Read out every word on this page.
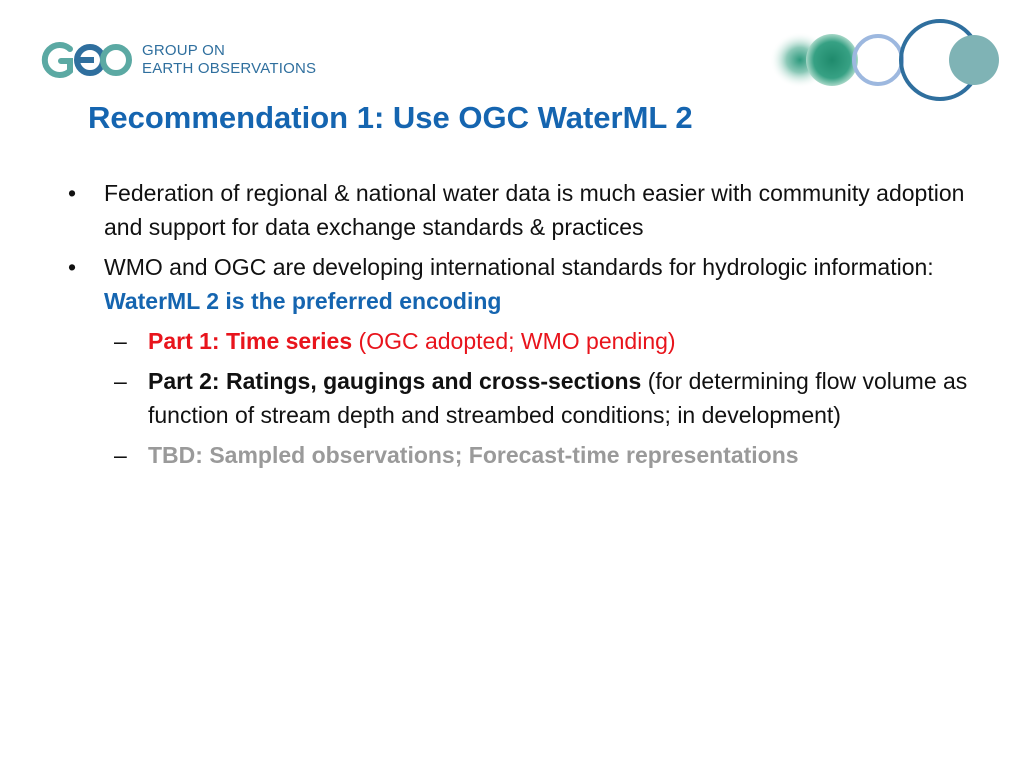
GROUP ON
EARTH OBSERVATIONS
Recommendation 1: Use OGC WaterML 2
•	Federation of regional & national water data is much easier with community adoption and support for data exchange standards & practices
•	WMO and OGC are developing international standards for hydrologic information: WaterML 2 is the preferred encoding
– Part 1: Time series (OGC adopted; WMO pending)
– Part 2: Ratings, gaugings and cross-sections (for determining flow volume as function of stream depth and streambed conditions; in development)
– TBD: Sampled observations; Forecast-time representations
